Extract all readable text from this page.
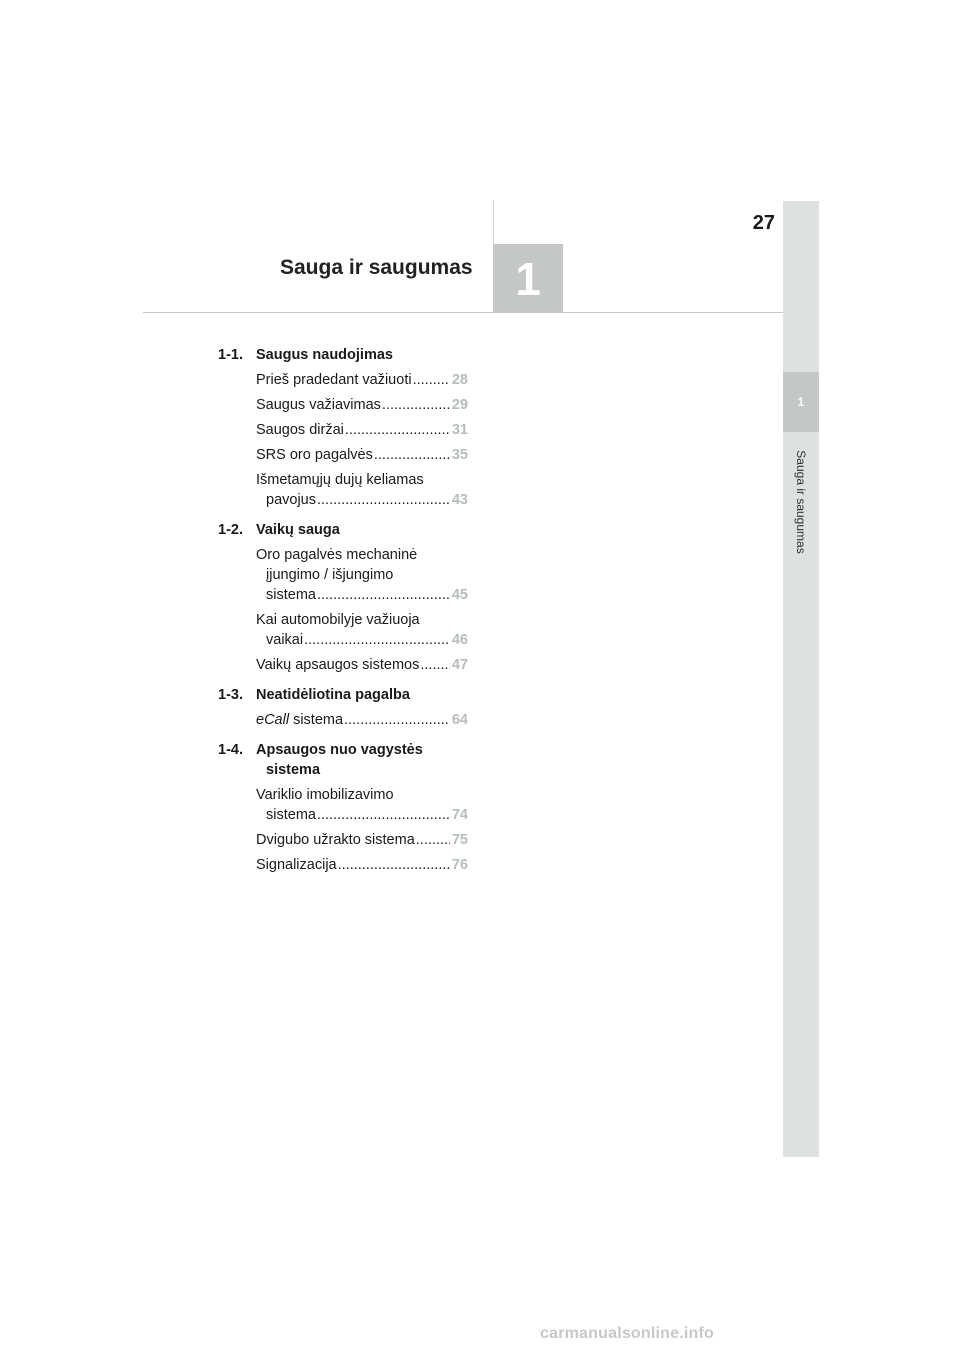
27
Sauga ir saugumas 1
1
Sauga ir saugumas
1-1. Saugus naudojimas
Prieš pradedant važiuoti .....	28
Saugus važiavimas .....	29
Saugos diržai .....	31
SRS oro pagalvės .....	35
Išmetamųjų dujų keliamas
pavojus .....	43
1-2. Vaikų sauga
Oro pagalvės mechaninė
įjungimo / išjungimo
sistema .....	45
Kai automobilyje važiuoja
vaikai .....	46
Vaikų apsaugos sistemos ..... 47
1-3. Neatidėliotina pagalba
eCall sistema .....	64
1-4. Apsaugos nuo vagystės
sistema
Variklio imobilizavimo
sistema .....	74
Dvigubo užrakto sistema .....	75
Signalizacija .....	76
carmanualsonline.info
